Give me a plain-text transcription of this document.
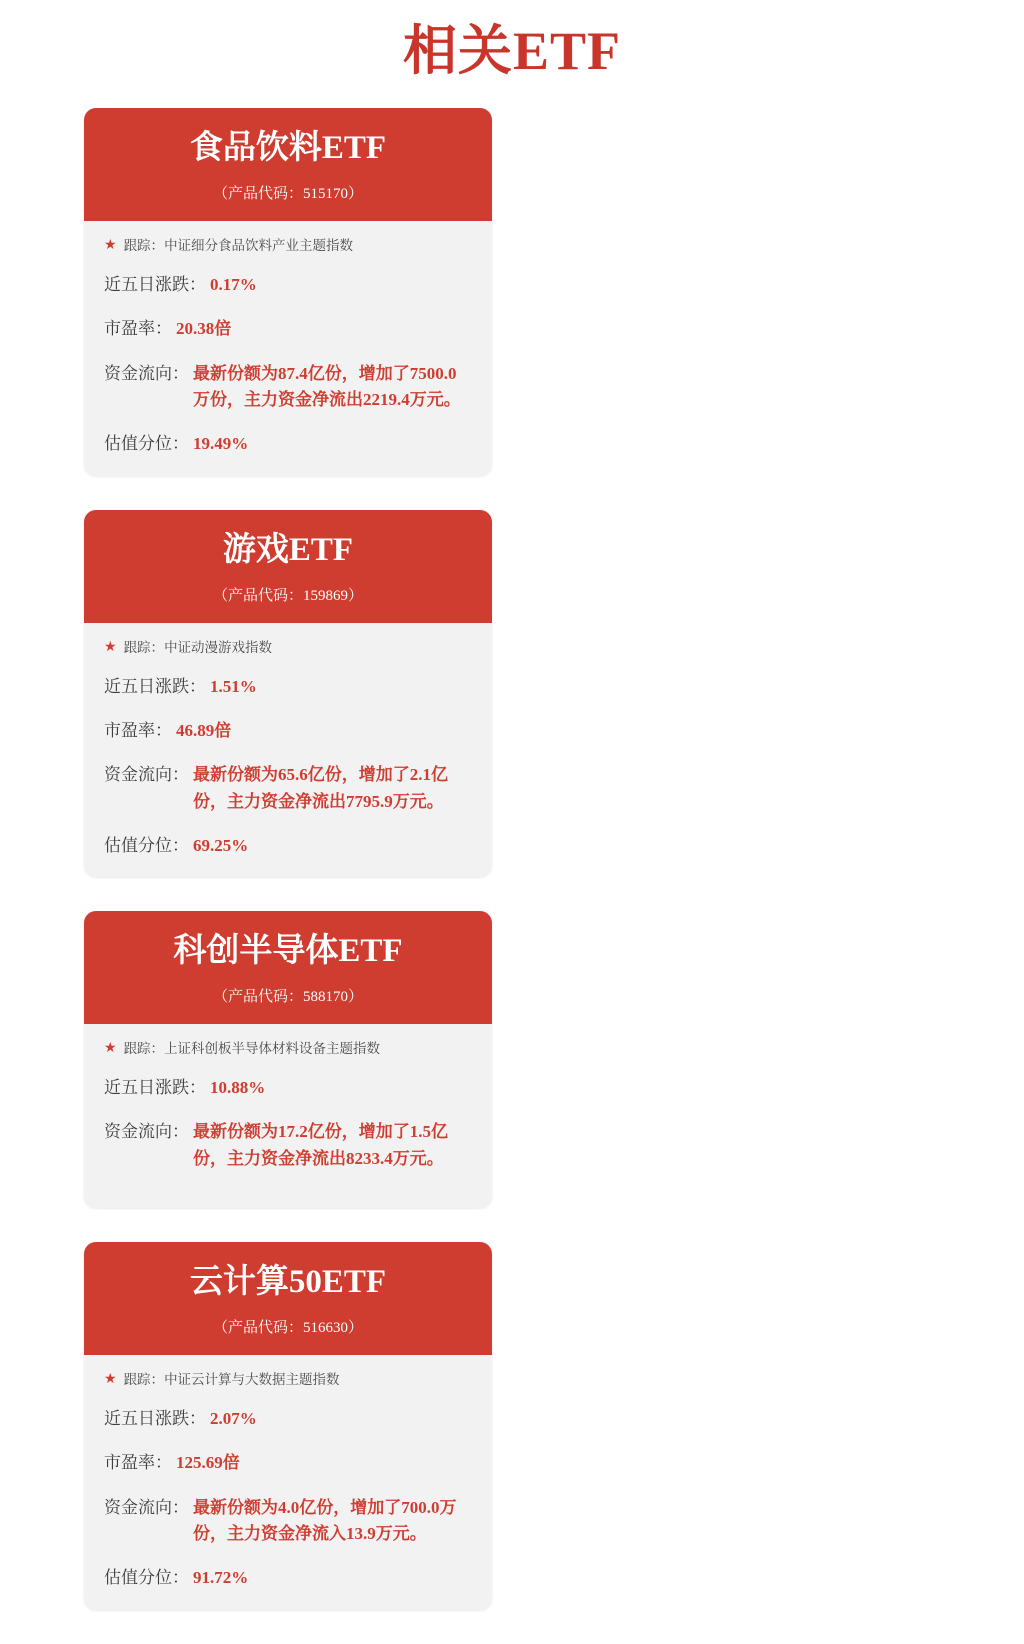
相关ETF
食品饮料ETF
（产品代码：515170）
★ 跟踪： 中证细分食品饮料产业主题指数
近五日涨跌： 0.17%
市盈率： 20.38倍
资金流向： 最新份额为87.4亿份，增加了7500.0万份，主力资金净流出2219.4万元。
估值分位： 19.49%
游戏ETF
（产品代码：159869）
★ 跟踪： 中证动漫游戏指数
近五日涨跌： 1.51%
市盈率： 46.89倍
资金流向： 最新份额为65.6亿份，增加了2.1亿份，主力资金净流出7795.9万元。
估值分位： 69.25%
科创半导体ETF
（产品代码：588170）
★ 跟踪： 上证科创板半导体材料设备主题指数
近五日涨跌： 10.88%
资金流向： 最新份额为17.2亿份，增加了1.5亿份，主力资金净流出8233.4万元。
云计算50ETF
（产品代码：516630）
★ 跟踪： 中证云计算与大数据主题指数
近五日涨跌： 2.07%
市盈率： 125.69倍
资金流向： 最新份额为4.0亿份，增加了700.0万份，主力资金净流入13.9万元。
估值分位： 91.72%
